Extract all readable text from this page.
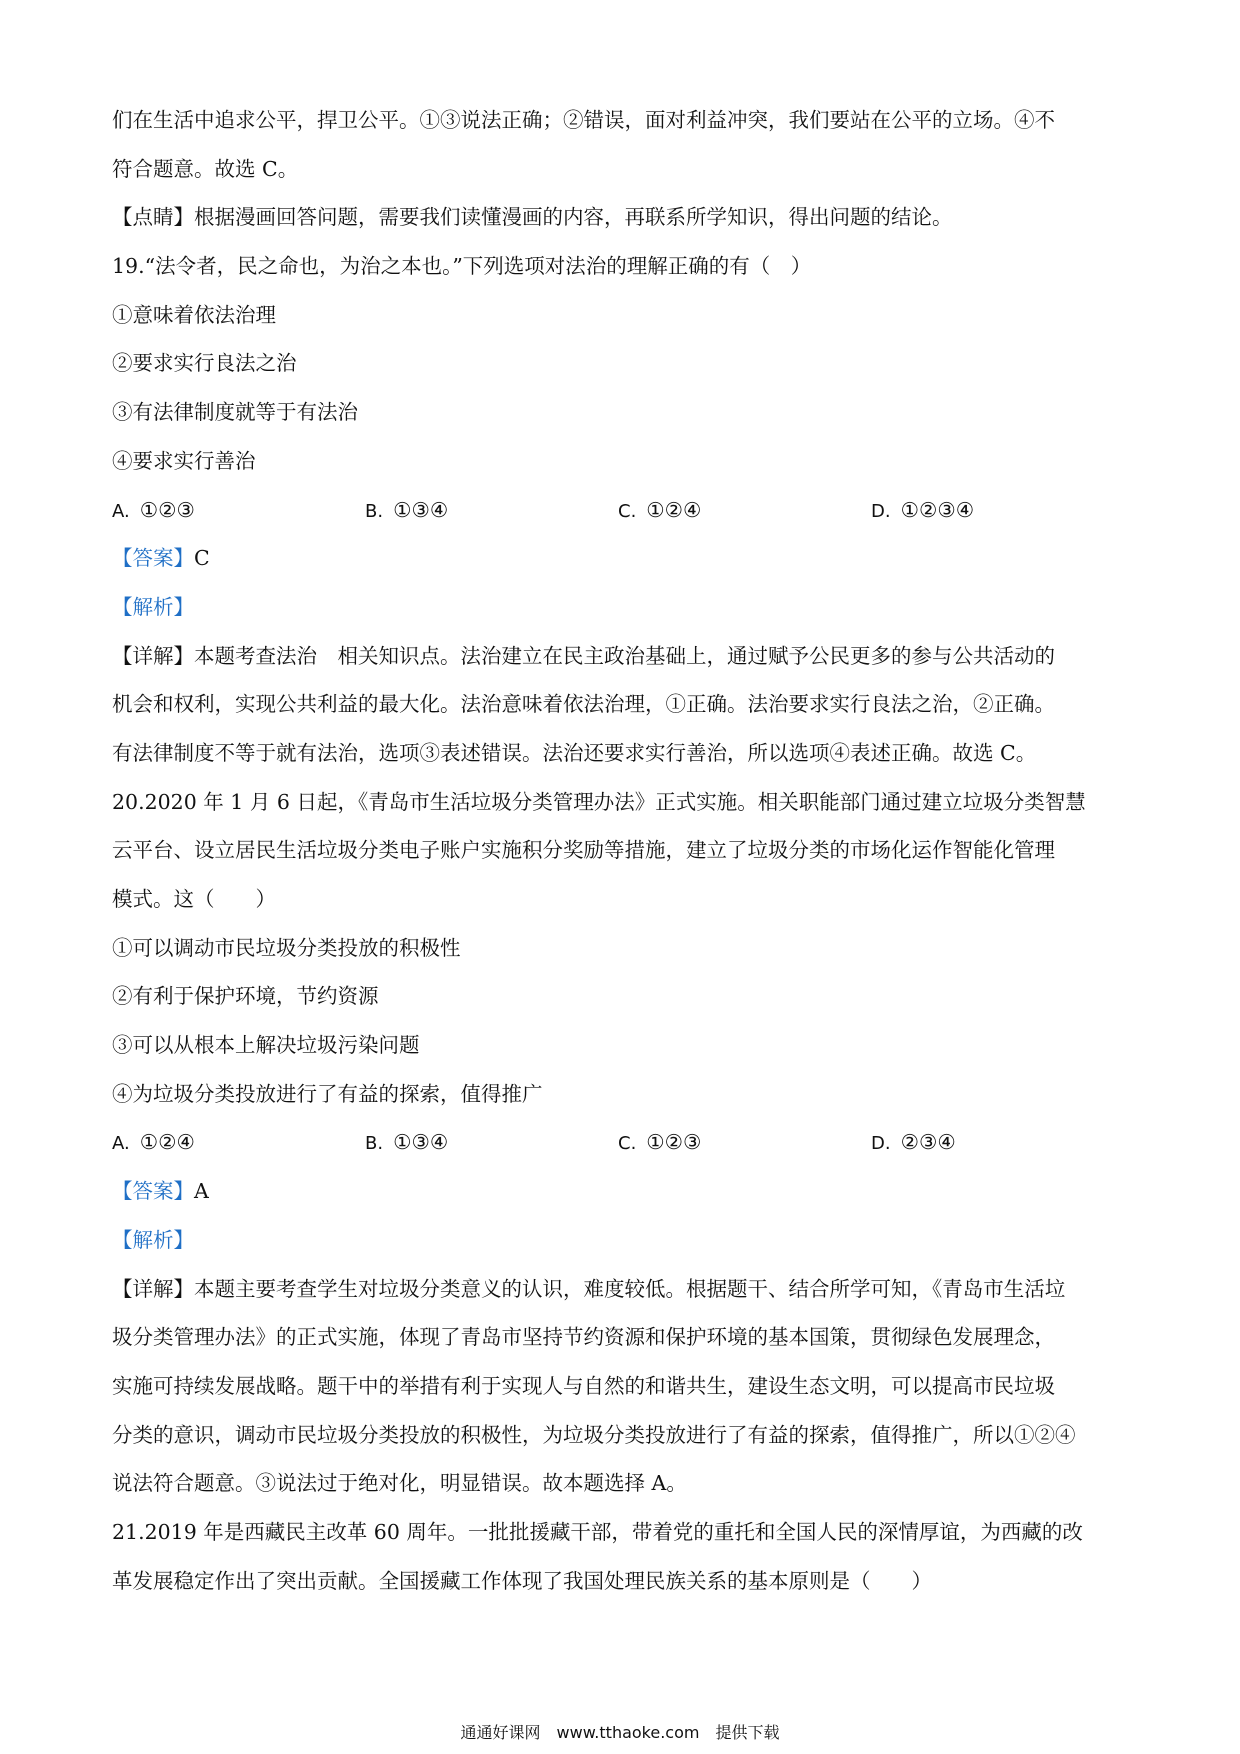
们在生活中追求公平，捍卫公平。①③说法正确；②错误，面对利益冲突，我们要站在公平的立场。④不
符合题意。故选 C。
【点睛】根据漫画回答问题，需要我们读懂漫画的内容，再联系所学知识，得出问题的结论。
19.“法令者，民之命也，为治之本也。”下列选项对法治的理解正确的有（　）
①意味着依法治理
②要求实行良法之治
③有法律制度就等于有法治
④要求实行善治
A. ①②③	B. ①③④	C. ①②④	D. ①②③④
【答案】C
【解析】
【详解】本题考查法治　相关知识点。法治建立在民主政治基础上，通过赋予公民更多的参与公共活动的
机会和权利，实现公共利益的最大化。法治意味着依法治理，①正确。法治要求实行良法之治，②正确。
有法律制度不等于就有法治，选项③表述错误。法治还要求实行善治，所以选项④表述正确。故选 C。
20.2020 年 1 月 6 日起，《青岛市生活垃圾分类管理办法》正式实施。相关职能部门通过建立垃圾分类智慧
云平台、设立居民生活垃圾分类电子账户实施积分奖励等措施，建立了垃圾分类的市场化运作智能化管理
模式。这（　　）
①可以调动市民垃圾分类投放的积极性
②有利于保护环境，节约资源
③可以从根本上解决垃圾污染问题
④为垃圾分类投放进行了有益的探索，值得推广
A. ①②④	B. ①③④	C. ①②③	D. ②③④
【答案】A
【解析】
【详解】本题主要考查学生对垃圾分类意义的认识，难度较低。根据题干、结合所学可知，《青岛市生活垃
圾分类管理办法》的正式实施，体现了青岛市坚持节约资源和保护环境的基本国策，贯彻绿色发展理念，
实施可持续发展战略。题干中的举措有利于实现人与自然的和谐共生，建设生态文明，可以提高市民垃圾
分类的意识，调动市民垃圾分类投放的积极性，为垃圾分类投放进行了有益的探索，值得推广，所以①②④
说法符合题意。③说法过于绝对化，明显错误。故本题选择 A。
21.2019 年是西藏民主改革 60 周年。一批批援藏干部，带着党的重托和全国人民的深情厚谊，为西藏的改
革发展稳定作出了突出贡献。全国援藏工作体现了我国处理民族关系的基本原则是（　　）
通通好课网　www.tthaoke.com　提供下载
